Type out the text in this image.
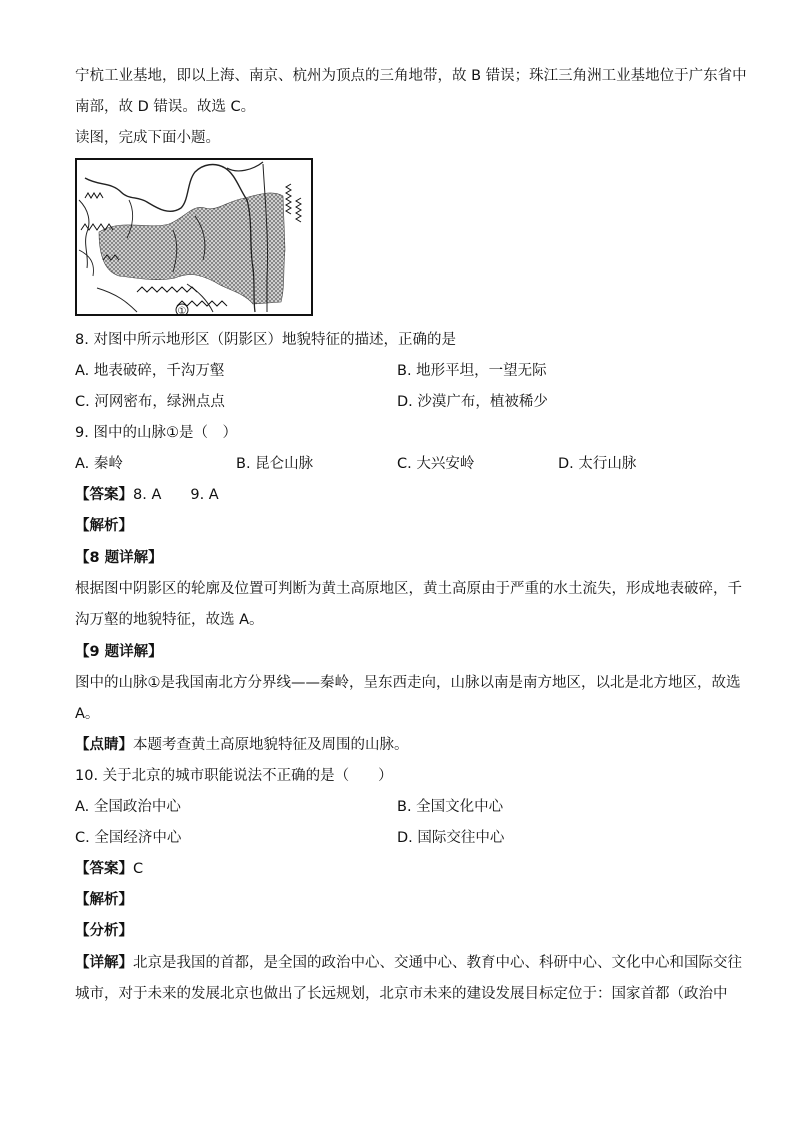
宁杭工业基地，即以上海、南京、杭州为顶点的三角地带，故 B 错误；珠江三角洲工业基地位于广东省中
南部，故 D 错误。故选 C。
读图，完成下面小题。
①
8. 对图中所示地形区（阴影区）地貌特征的描述，正确的是
A. 地表破碎，千沟万壑	B. 地形平坦，一望无际
C. 河网密布，绿洲点点	D. 沙漠广布，植被稀少
9. 图中的山脉①是（　）
A. 秦岭	B. 昆仑山脉	C. 大兴安岭	D. 太行山脉
【答案】8. A　　9. A
【解析】
【8 题详解】
根据图中阴影区的轮廓及位置可判断为黄土高原地区，黄土高原由于严重的水土流失，形成地表破碎，千
沟万壑的地貌特征，故选 A。
【9 题详解】
图中的山脉①是我国南北方分界线——秦岭，呈东西走向，山脉以南是南方地区，以北是北方地区，故选
A。
【点睛】本题考查黄土高原地貌特征及周围的山脉。
10. 关于北京的城市职能说法不正确的是（　　）
A. 全国政治中心	B. 全国文化中心
C. 全国经济中心	D. 国际交往中心
【答案】C
【解析】
【分析】
【详解】北京是我国的首都，是全国的政治中心、交通中心、教育中心、科研中心、文化中心和国际交往
城市，对于未来的发展北京也做出了长远规划，北京市未来的建设发展目标定位于：国家首都（政治中
